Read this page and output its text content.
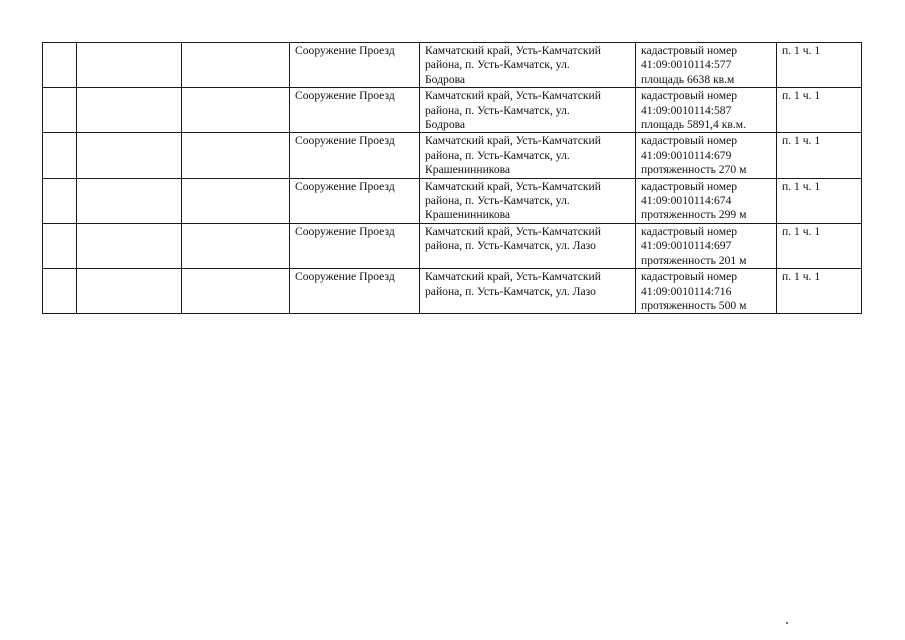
			Сооружение Проезд	Камчатский край, Усть-Камчатский
района, п. Усть-Камчатск, ул.
Бодрова	кадастровый номер
41:09:0010114:577
площадь 6638 кв.м	п. 1 ч. 1
			Сооружение Проезд	Камчатский край, Усть-Камчатский
района, п. Усть-Камчатск, ул.
Бодрова	кадастровый номер
41:09:0010114:587
площадь 5891,4 кв.м.	п. 1 ч. 1
			Сооружение Проезд	Камчатский край, Усть-Камчатский
района, п. Усть-Камчатск, ул.
Крашенинникова	кадастровый номер
41:09:0010114:679
протяженность 270 м	п. 1 ч. 1
			Сооружение Проезд	Камчатский край, Усть-Камчатский
района, п. Усть-Камчатск, ул.
Крашенинникова	кадастровый номер
41:09:0010114:674
протяженность 299 м	п. 1 ч. 1
			Сооружение Проезд	Камчатский край, Усть-Камчатский
района, п. Усть-Камчатск, ул. Лазо	кадастровый номер
41:09:0010114:697
протяженность 201 м	п. 1 ч. 1
			Сооружение Проезд	Камчатский край, Усть-Камчатский
района, п. Усть-Камчатск, ул. Лазо	кадастровый номер
41:09:0010114:716
протяженность 500 м	п. 1 ч. 1
